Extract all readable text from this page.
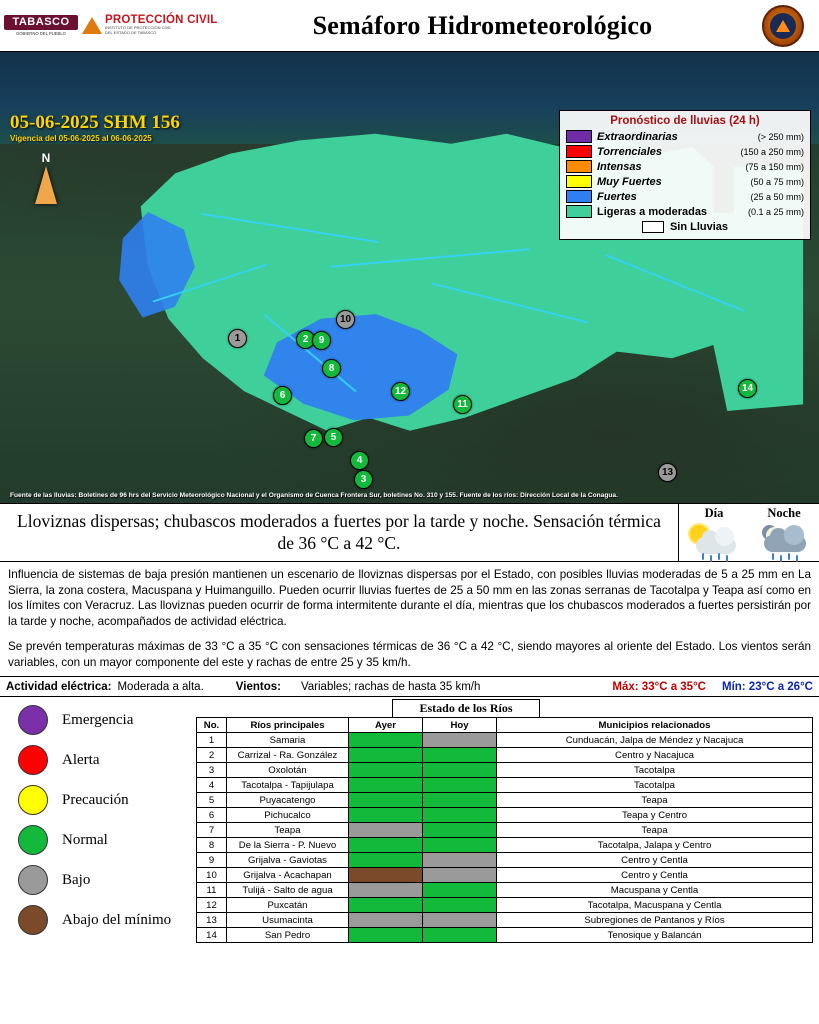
TABASCO
GOBIERNO DEL PUEBLO
PROTECCIÓN CIVIL
INSTITUTO DE PROTECCIÓN CIVIL
DEL ESTADO DE TABASCO	Semáforo Hidrometeorológico
05-06-2025 SHM 156
Vigencia del 05-06-2025 al 06-06-2025
N
Pronóstico de lluvias (24 h)
Extraordinarias	(> 250 mm)
Torrenciales	(150 a 250 mm)
Intensas	(75 a 150 mm)
Muy Fuertes	(50 a 75 mm)
Fuertes	(25 a 50 mm)
Ligeras a moderadas	(0.1 a 25 mm)
Sin Lluvias
1	2
3
4
5
6
7
8
9
10
11
12
13
14
Fuente de las lluvias: Boletines de 96 hrs del Servicio Meteorológico Nacional y el Organismo de Cuenca Frontera Sur, boletines No. 310 y 155. Fuente de los ríos: Dirección Local de la Conagua.
Lloviznas dispersas; chubascos moderados a fuertes por la tarde y noche. Sensación térmica de 36 °C a 42 °C.
Día	Noche

Influencia de sistemas de baja presión mantienen un escenario de lloviznas dispersas por el Estado, con posibles lluvias moderadas de 5 a 25 mm en La Sierra, la zona costera, Macuspana y Huimanguillo. Pueden ocurrir lluvias fuertes de 25 a 50 mm en las zonas serranas de Tacotalpa y Teapa así como en los límites con Veracruz. Las lloviznas pueden ocurrir de forma intermitente durante el día, mientras que los chubascos moderados a fuertes persistirán por la tarde y noche, acompañados de actividad eléctrica.

Se prevén temperaturas máximas de 33 °C a 35 °C con sensaciones térmicas de 36 °C a 42 °C, siendo mayores al oriente del Estado. Los vientos serán variables, con un mayor componente del este y rachas de entre 25 y 35 km/h.

Actividad eléctrica: Moderada a alta.	Vientos: Variables; rachas de hasta 35 km/h	Máx: 33°C a 35°C Mín: 23°C a 26°C
Emergencia
Alerta
Precaución
Normal
Bajo
Abajo del mínimo
Estado de los Ríos
No.	Ríos principales	Ayer	Hoy	Municipios relacionados
1	Samaria			Cunduacán, Jalpa de Méndez y Nacajuca
2	Carrizal - Ra. González			Centro y Nacajuca
3	Oxolotán			Tacotalpa
4	Tacotalpa - Tapijulapa			Tacotalpa
5	Puyacatengo			Teapa
6	Pichucalco			Teapa y Centro
7	Teapa			Teapa
8	De la Sierra - P. Nuevo			Tacotalpa, Jalapa y Centro
9	Grijalva - Gaviotas			Centro y Centla
10	Grijalva - Acachapan			Centro y Centla
11	Tulijá - Salto de agua			Macuspana y Centla
12	Puxcatán			Tacotalpa, Macuspana y Centla
13	Usumacinta			Subregiones de Pantanos y Ríos
14	San Pedro			Tenosique y Balancán
